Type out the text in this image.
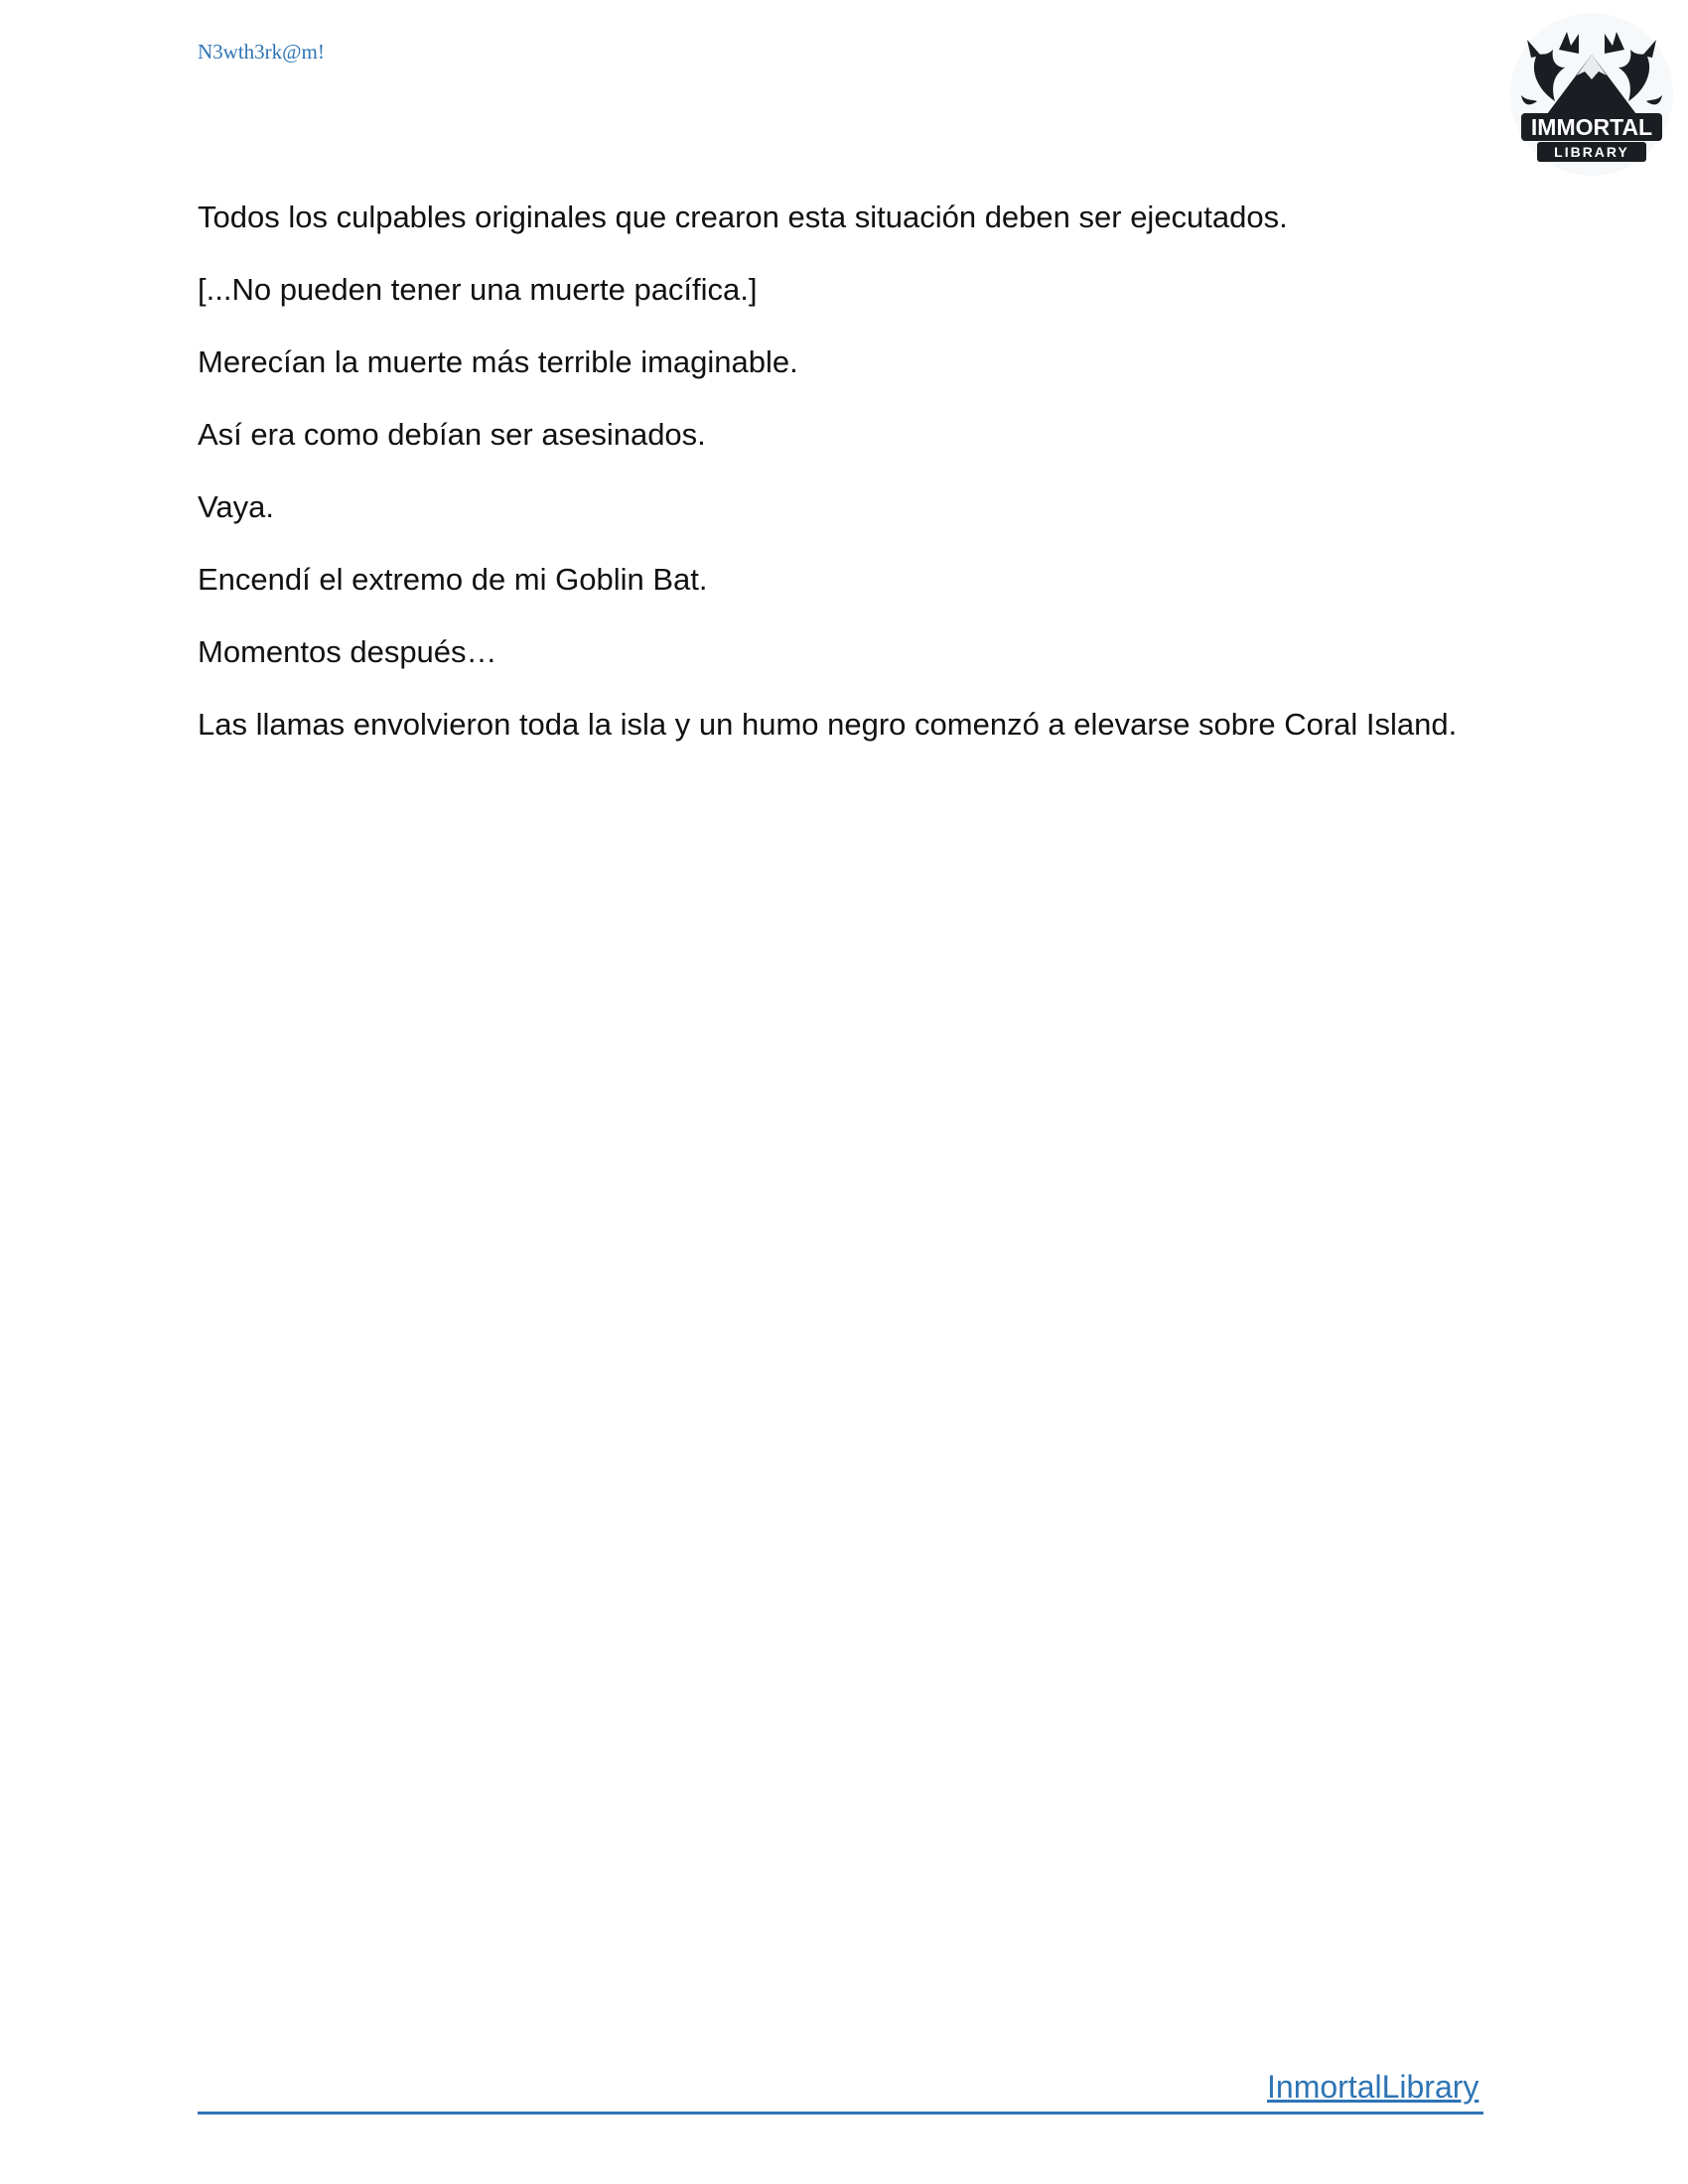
N3wth3rk@m!
IMMORTAL
LIBRARY

Todos los culpables originales que crearon esta situación deben ser ejecutados.

[...No pueden tener una muerte pacífica.]

Merecían la muerte más terrible imaginable.

Así era como debían ser asesinados.

Vaya.

Encendí el extremo de mi Goblin Bat.

Momentos después…

Las llamas envolvieron toda la isla y un humo negro comenzó a elevarse sobre Coral Island.

InmortalLibrary
